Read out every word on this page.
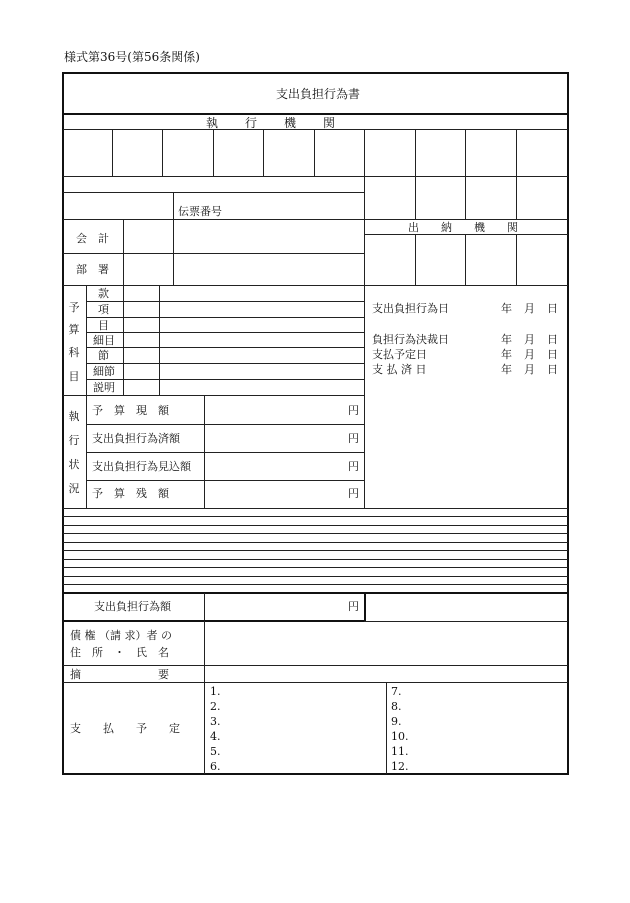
様式第36号(第56条関係)
支出負担行為書
執　　行　　機　　関
伝票番号
出　　納　　機　　関
会　計
部　署
予
算
科
目
款
項
目
細目
節
細節
説明
支出負担行為日	年 月 日
負担行為決裁日	年 月 日
支払予定日	年 月 日
支 払 済 日	年 月 日
執
行
状
況
予　算　現　額	円
支出負担行為済額	円
支出負担行為見込額	円
予　算　残　額	円
支出負担行為額	円
債 権 （請 求）者 の
住　所　・　氏　名
摘　　　　　　　要
支　　払　　予　　定
1.
2.
3.
4.
5.
6.
7.
8.
9.
10.
11.
12.
